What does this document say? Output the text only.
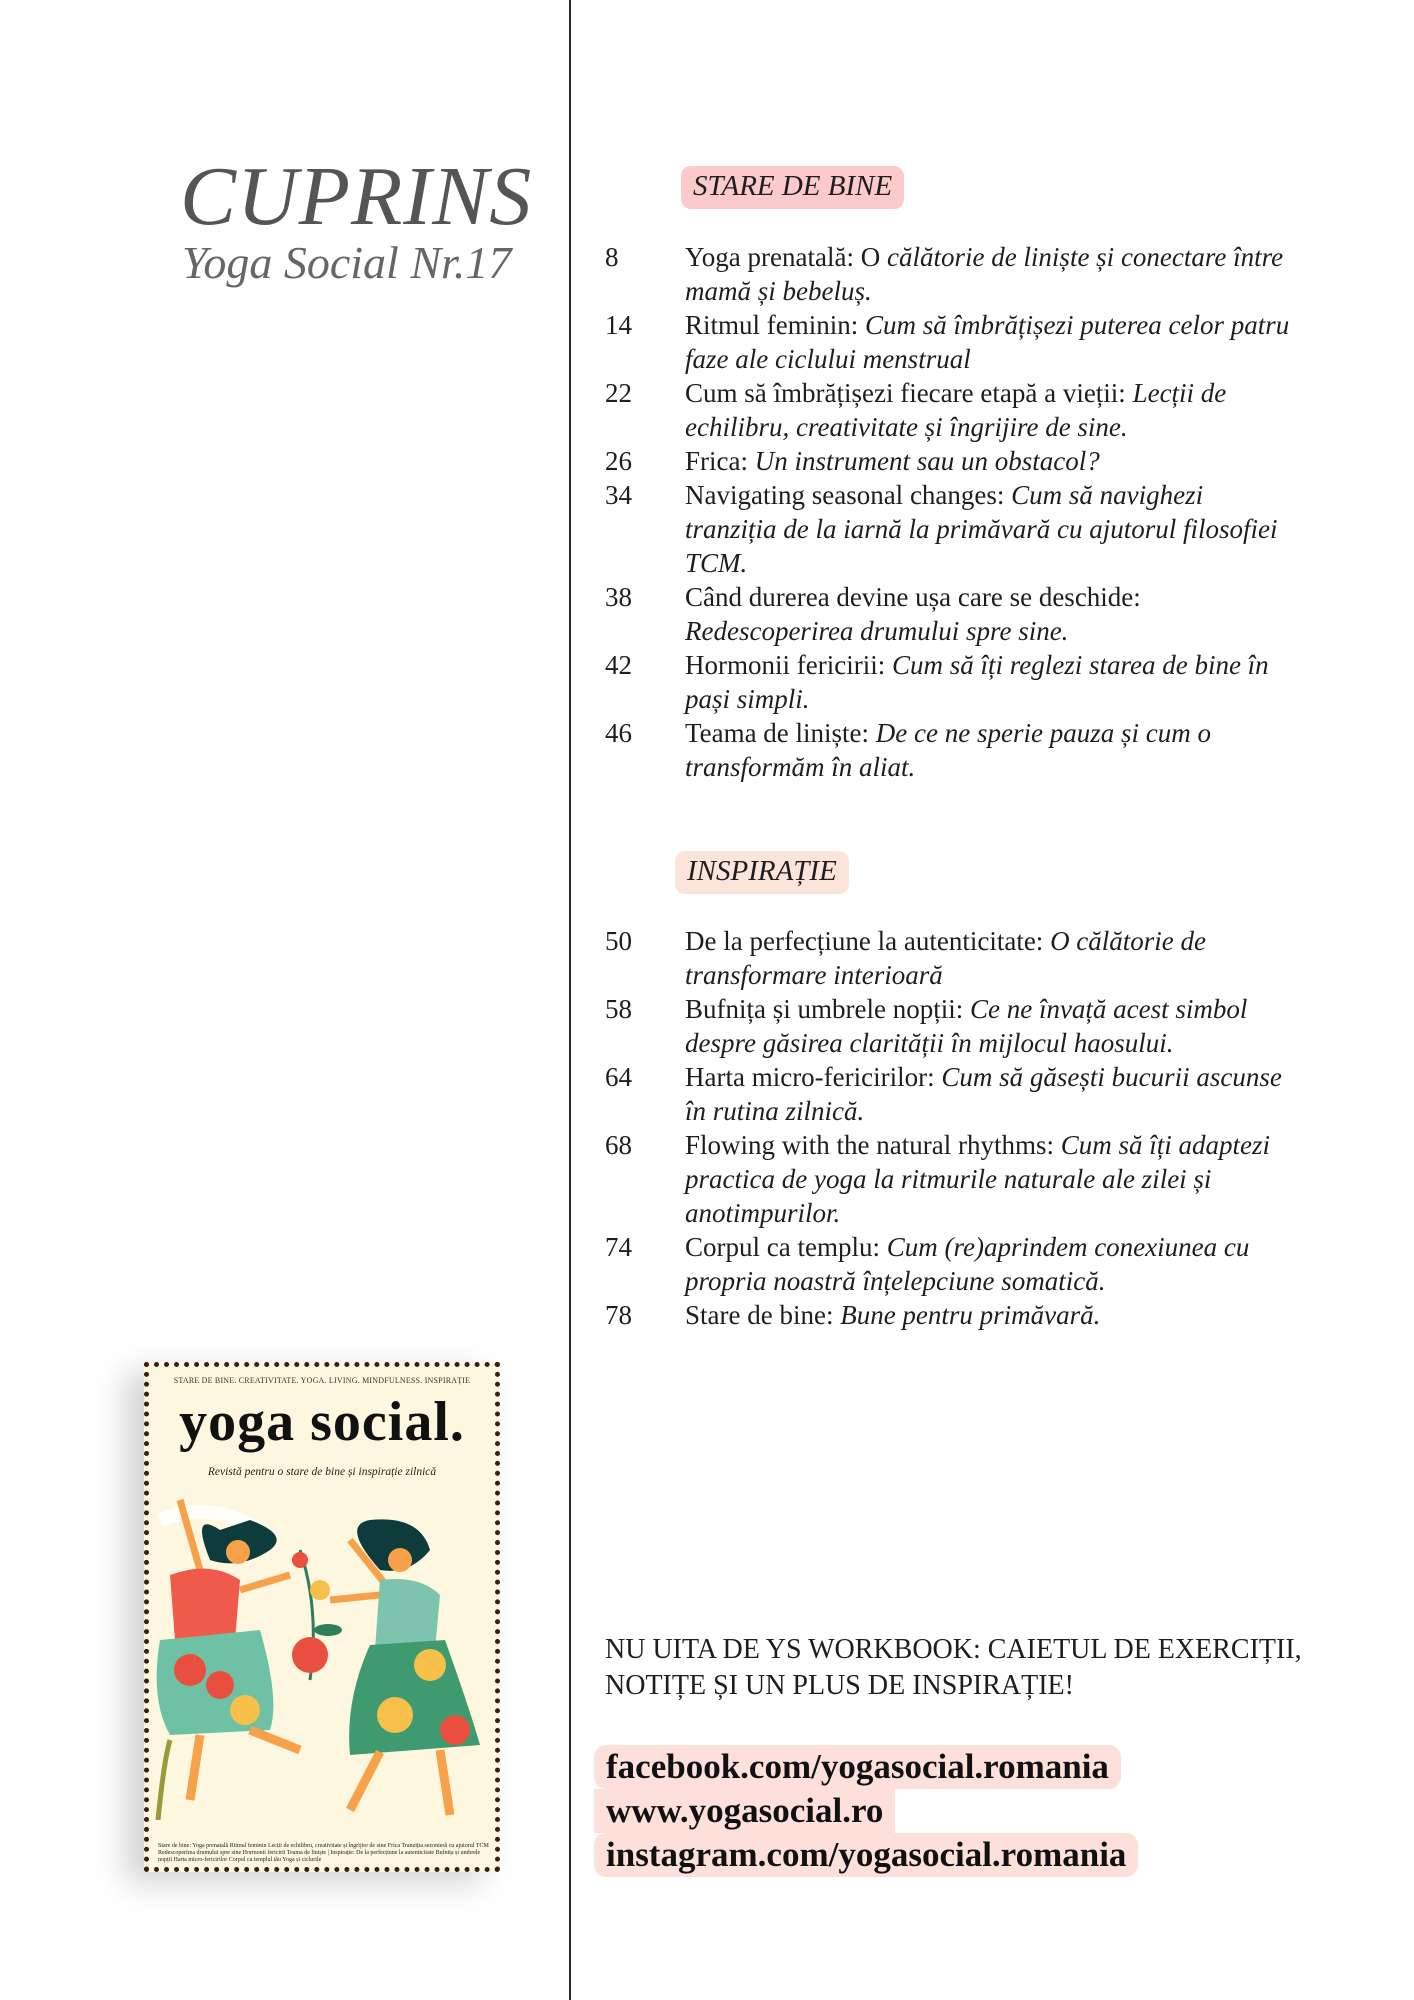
CUPRINS
Yoga Social Nr.17
STARE DE BINE
8	Yoga prenatală: O călătorie de liniște și conectare între mamă și bebeluș.
14	Ritmul feminin: Cum să îmbrățișezi puterea celor patru faze ale ciclului menstrual
22	Cum să îmbrățișezi fiecare etapă a vieții: Lecții de echilibru, creativitate și îngrijire de sine.
26	Frica: Un instrument sau un obstacol?
34	Navigating seasonal changes: Cum să navighezi tranziția de la iarnă la primăvară cu ajutorul filosofiei TCM.
38	Când durerea devine ușa care se deschide: Redescoperirea drumului spre sine.
42	Hormonii fericirii: Cum să îți reglezi starea de bine în pași simpli.
46	Teama de liniște: De ce ne sperie pauza și cum o transformăm în aliat.
INSPIRAȚIE
50	De la perfecțiune la autenticitate: O călătorie de transformare interioară
58	Bufnița și umbrele nopții: Ce ne învață acest simbol despre găsirea clarității în mijlocul haosului.
64	Harta micro-fericirilor: Cum să găsești bucurii ascunse în rutina zilnică.
68	Flowing with the natural rhythms: Cum să îți adaptezi practica de yoga la ritmurile naturale ale zilei și anotimpurilor.
74	Corpul ca templu: Cum (re)aprindem conexiunea cu propria noastră înțelepciune somatică.
78	Stare de bine: Bune pentru primăvară.
STARE DE BINE. CREATIVITATE. YOGA. LIVING. MINDFULNESS. INSPIRAȚIE
yoga social.
Revistă pentru o stare de bine și inspirație zilnică
Stare de bine: Yoga prenatală Ritmul feminin Lecții de echilibru, creativitate și îngrijire de sine Frica Tranziția sezonieră cu ajutorul TCM Redescoperirea drumului spre sine Hormonii fericirii Teama de liniște | Inspirație: De la perfecțiune la autenticitate Bufnița și umbrele nopții Harta micro-fericirilor Corpul ca templul tău Yoga și ciclurile
NU UITA DE YS WORKBOOK: CAIETUL DE EXERCIȚII, NOTIȚE ȘI UN PLUS DE INSPIRAȚIE!
facebook.com/yogasocial.romania
www.yogasocial.ro
instagram.com/yogasocial.romania
